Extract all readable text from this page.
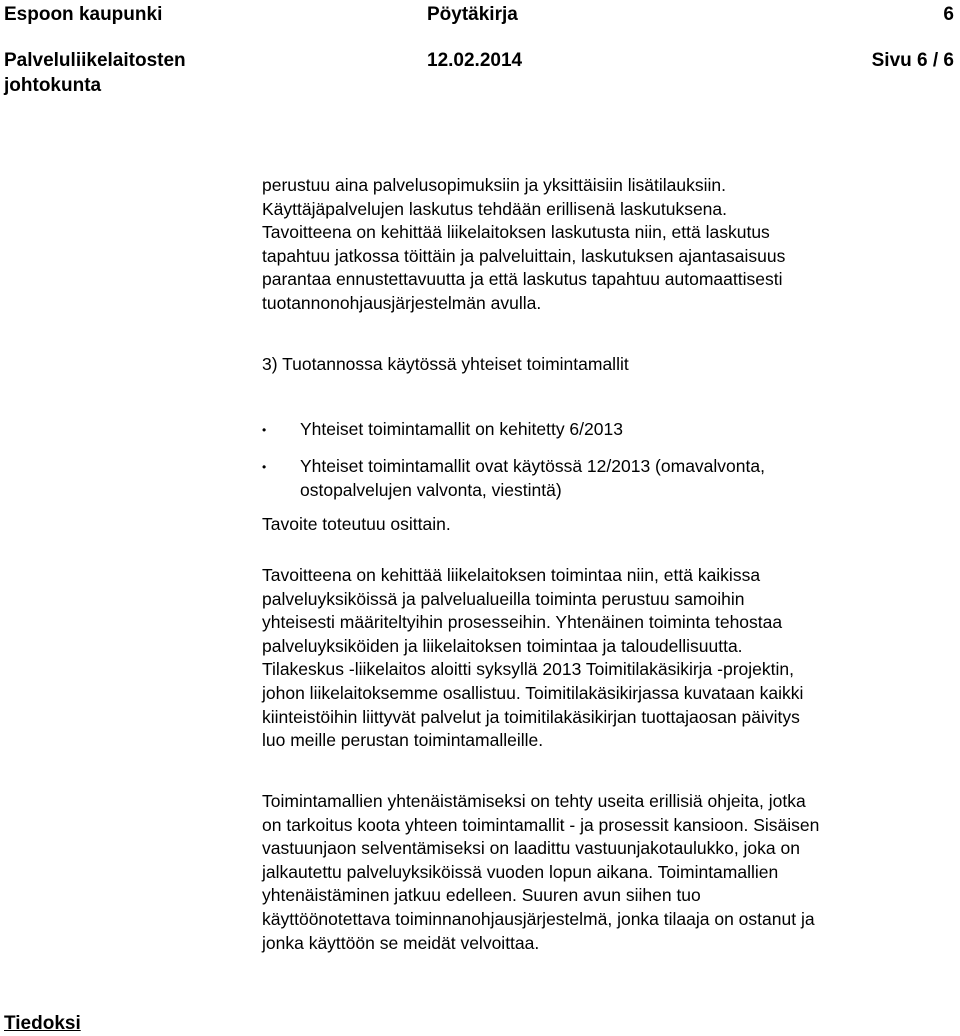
Espoon kaupunki	Pöytäkirja	6
Palveluliikelaitosten
johtokunta
12.02.2014	Sivu 6 / 6
perustuu aina palvelusopimuksiin ja yksittäisiin lisätilauksiin.
Käyttäjäpalvelujen laskutus tehdään erillisenä laskutuksena.
Tavoitteena on kehittää liikelaitoksen laskutusta niin, että laskutus
tapahtuu jatkossa töittäin ja palveluittain, laskutuksen ajantasaisuus
parantaa ennustettavuutta ja että laskutus tapahtuu automaattisesti
tuotannonohjausjärjestelmän avulla.
3) Tuotannossa käytössä yhteiset toimintamallit
•	Yhteiset toimintamallit on kehitetty 6/2013
•	Yhteiset toimintamallit ovat käytössä 12/2013 (omavalvonta,
ostopalvelujen valvonta, viestintä)
Tavoite toteutuu osittain.
Tavoitteena on kehittää liikelaitoksen toimintaa niin, että kaikissa
palveluyksiköissä ja palvelualueilla toiminta perustuu samoihin
yhteisesti määriteltyihin prosesseihin. Yhtenäinen toiminta tehostaa
palveluyksiköiden ja liikelaitoksen toimintaa ja taloudellisuutta.
Tilakeskus -liikelaitos aloitti syksyllä 2013 Toimitilakäsikirja -projektin,
johon liikelaitoksemme osallistuu. Toimitilakäsikirjassa kuvataan kaikki
kiinteistöihin liittyvät palvelut ja toimitilakäsikirjan tuottajaosan päivitys
luo meille perustan toimintamalleille.
Toimintamallien yhtenäistämiseksi on tehty useita erillisiä ohjeita, jotka
on tarkoitus koota yhteen toimintamallit - ja prosessit kansioon. Sisäisen
vastuunjaon selventämiseksi on laadittu vastuunjakotaulukko, joka on
jalkautettu palveluyksiköissä vuoden lopun aikana. Toimintamallien
yhtenäistäminen jatkuu edelleen. Suuren avun siihen tuo
käyttöönotettava toiminnanohjausjärjestelmä, jonka tilaaja on ostanut ja
jonka käyttöön se meidät velvoittaa.
Tiedoksi
